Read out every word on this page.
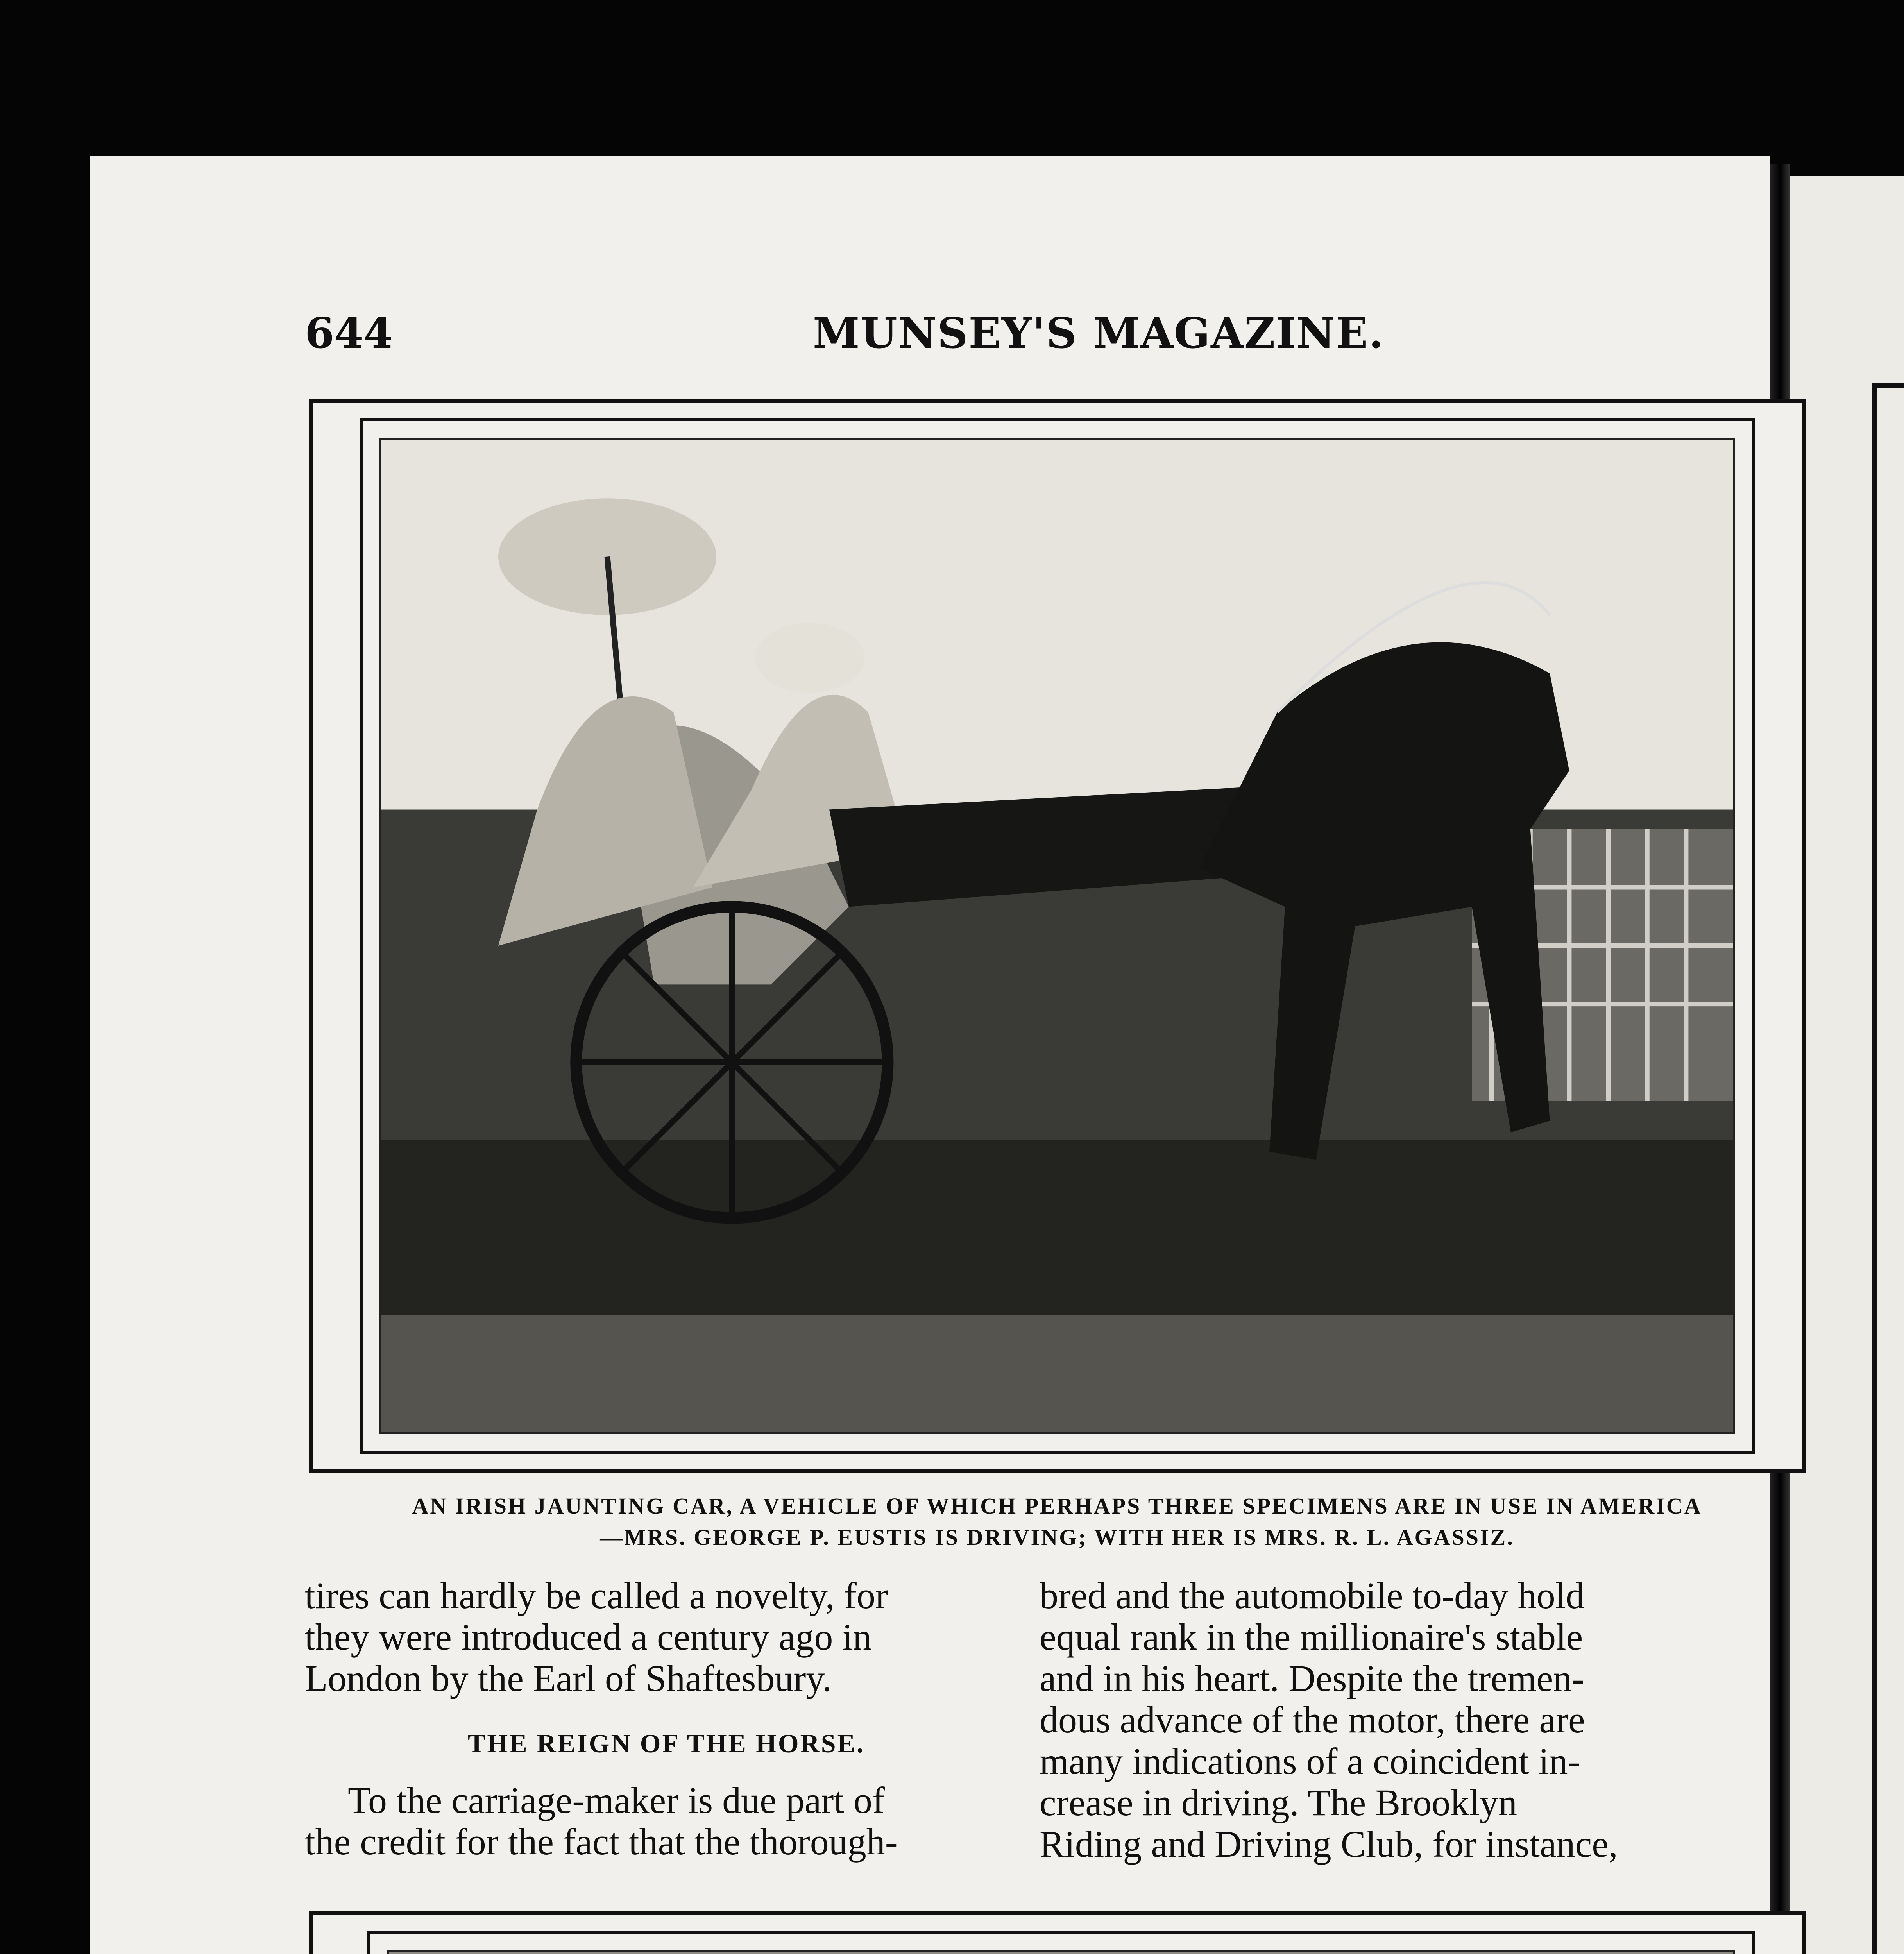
644	MUNSEY'S MAGAZINE.
AN IRISH JAUNTING CAR, A VEHICLE OF WHICH PERHAPS THREE SPECIMENS ARE IN USE IN AMERICA
—MRS. GEORGE P. EUSTIS IS DRIVING; WITH HER IS MRS. R. L. AGASSIZ.

tires can hardly be called a novelty, for

they were introduced a century ago in

London by the Earl of Shaftesbury.

THE REIGN OF THE HORSE.

To the carriage-maker is due part of

the credit for the fact that the thorough-

bred and the automobile to-day hold

equal rank in the millionaire's stable

and in his heart. Despite the tremen-

dous advance of the motor, there are

many indications of a coincident in-

crease in driving. The Brooklyn

Riding and Driving Club, for instance,
